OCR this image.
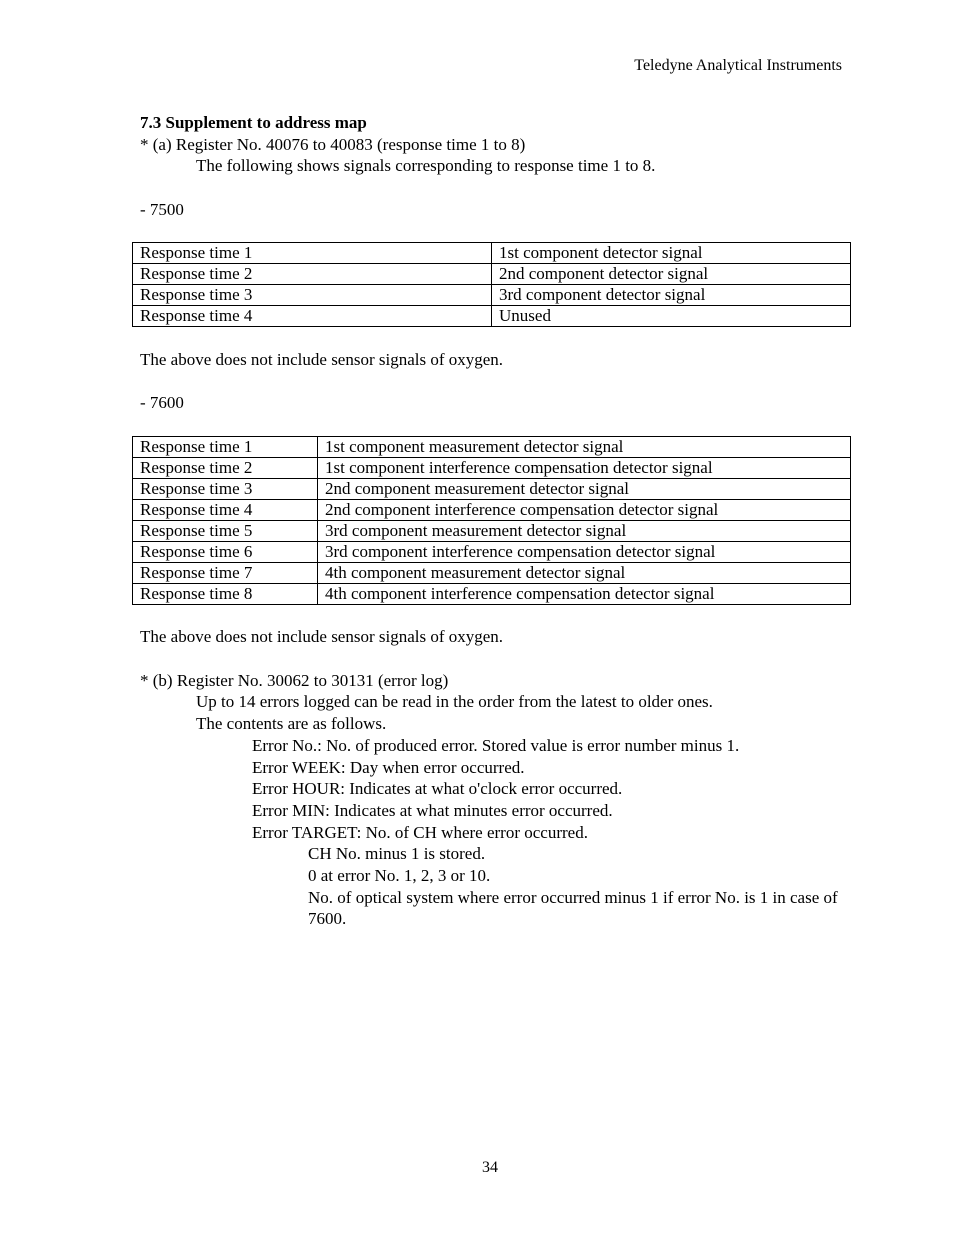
Teledyne Analytical Instruments
7.3 Supplement to address map
* (a) Register No. 40076 to 40083 (response time 1 to 8)
The following shows signals corresponding to response time 1 to 8.
- 7500
Response time 1	1st component detector signal
Response time 2	2nd component detector signal
Response time 3	3rd component detector signal
Response time 4	Unused
The above does not include sensor signals of oxygen.
- 7600
Response time 1	1st component measurement detector signal
Response time 2	1st component interference compensation detector signal
Response time 3	2nd component measurement detector signal
Response time 4	2nd component interference compensation detector signal
Response time 5	3rd component measurement detector signal
Response time 6	3rd component interference compensation detector signal
Response time 7	4th component measurement detector signal
Response time 8	4th component interference compensation detector signal
The above does not include sensor signals of oxygen.
* (b) Register No. 30062 to 30131 (error log)
Up to 14 errors logged can be read in the order from the latest to older ones.
The contents are as follows.
Error No.: No. of produced error. Stored value is error number minus 1.
Error WEEK: Day when error occurred.
Error HOUR: Indicates at what o'clock error occurred.
Error MIN: Indicates at what minutes error occurred.
Error TARGET: No. of CH where error occurred.
CH No. minus 1 is stored.
0 at error No. 1, 2, 3 or 10.
No. of optical system where error occurred minus 1 if error No. is 1 in case of 7600.
34
